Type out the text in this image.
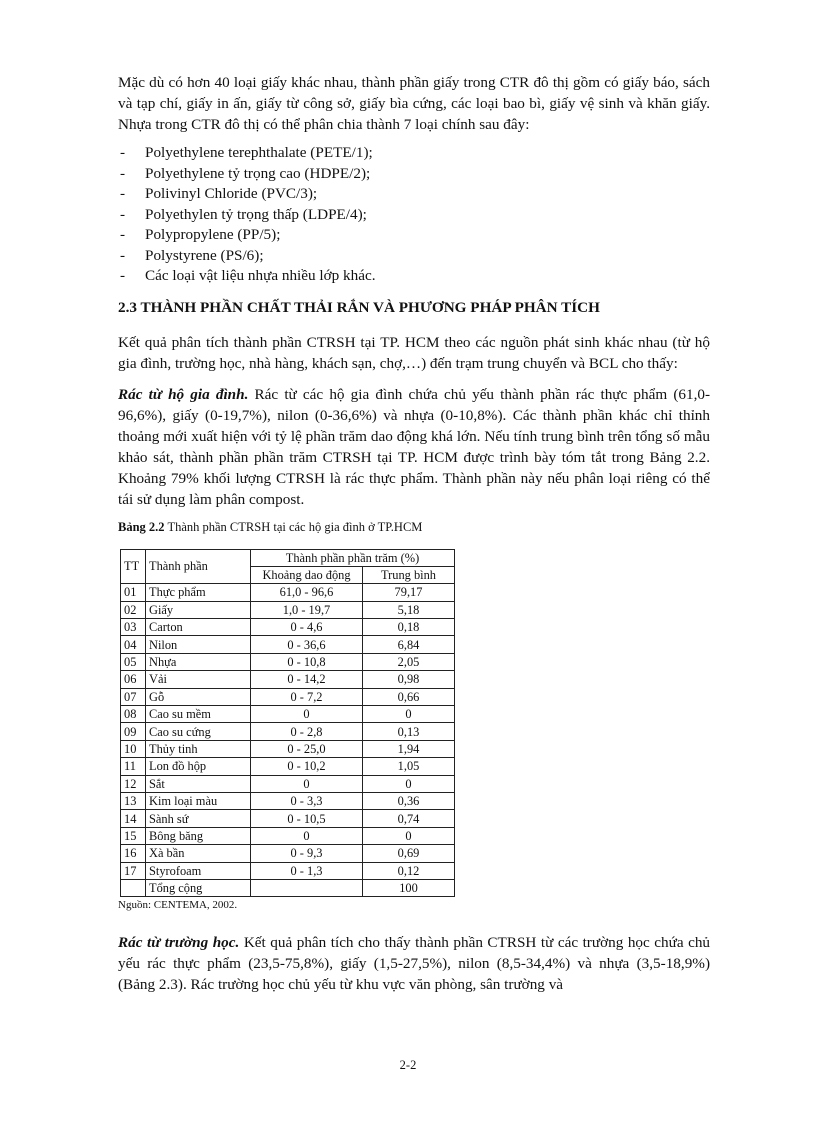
Mặc dù có hơn 40 loại giấy khác nhau, thành phần giấy trong CTR đô thị gồm có giấy báo, sách và tạp chí, giấy in ấn, giấy từ công sở, giấy bìa cứng, các loại bao bì, giấy vệ sinh và khăn giấy. Nhựa trong CTR đô thị có thể phân chia thành 7 loại chính sau đây:

- Polyethylene terephthalate (PETE/1);
- Polyethylene tỷ trọng cao (HDPE/2);
- Polivinyl Chloride (PVC/3);
- Polyethylen tỷ trọng thấp (LDPE/4);
- Polypropylene (PP/5);
- Polystyrene (PS/6);
- Các loại vật liệu nhựa nhiều lớp khác.
2.3 THÀNH PHẦN CHẤT THẢI RẮN VÀ PHƯƠNG PHÁP PHÂN TÍCH

Kết quả phân tích thành phần CTRSH tại TP. HCM theo các nguồn phát sinh khác nhau (từ hộ gia đình, trường học, nhà hàng, khách sạn, chợ,…) đến trạm trung chuyển và BCL cho thấy:

Rác từ hộ gia đình. Rác từ các hộ gia đình chứa chủ yếu thành phần rác thực phẩm (61,0-96,6%), giấy (0-19,7%), nilon (0-36,6%) và nhựa (0-10,8%). Các thành phần khác chỉ thỉnh thoảng mới xuất hiện với tỷ lệ phần trăm dao động khá lớn. Nếu tính trung bình trên tổng số mẫu khảo sát, thành phần phần trăm CTRSH tại TP. HCM được trình bày tóm tắt trong Bảng 2.2. Khoảng 79% khối lượng CTRSH là rác thực phẩm. Thành phần này nếu phân loại riêng có thể tái sử dụng làm phân compost.

Bảng 2.2 Thành phần CTRSH tại các hộ gia đình ở TP.HCM
TT	Thành phần	Thành phần phần trăm (%)	
		Khoảng dao động	Trung bình
01	Thực phẩm	61,0 - 96,6	79,17
02	Giấy	1,0 - 19,7	5,18
03	Carton	0 - 4,6	0,18
04	Nilon	0 - 36,6	6,84
05	Nhựa	0 - 10,8	2,05
06	Vải	0 - 14,2	0,98
07	Gỗ	0 - 7,2	0,66
08	Cao su mềm	0	0
09	Cao su cứng	0 - 2,8	0,13
10	Thủy tinh	0 - 25,0	1,94
11	Lon đồ hộp	0 - 10,2	1,05
12	Sắt	0	0
13	Kim loại màu	0 - 3,3	0,36
14	Sành sứ	0 - 10,5	0,74
15	Bông băng	0	0
16	Xà bần	0 - 9,3	0,69
17	Styrofoam	0 - 1,3	0,12
	Tổng cộng		100
Nguồn: CENTEMA, 2002.

Rác từ trường học. Kết quả phân tích cho thấy thành phần CTRSH từ các trường học chứa chủ yếu rác thực phẩm (23,5-75,8%), giấy (1,5-27,5%), nilon (8,5-34,4%) và nhựa (3,5-18,9%) (Bảng 2.3). Rác trường học chủ yếu từ khu vực văn phòng, sân trường và

2-2
